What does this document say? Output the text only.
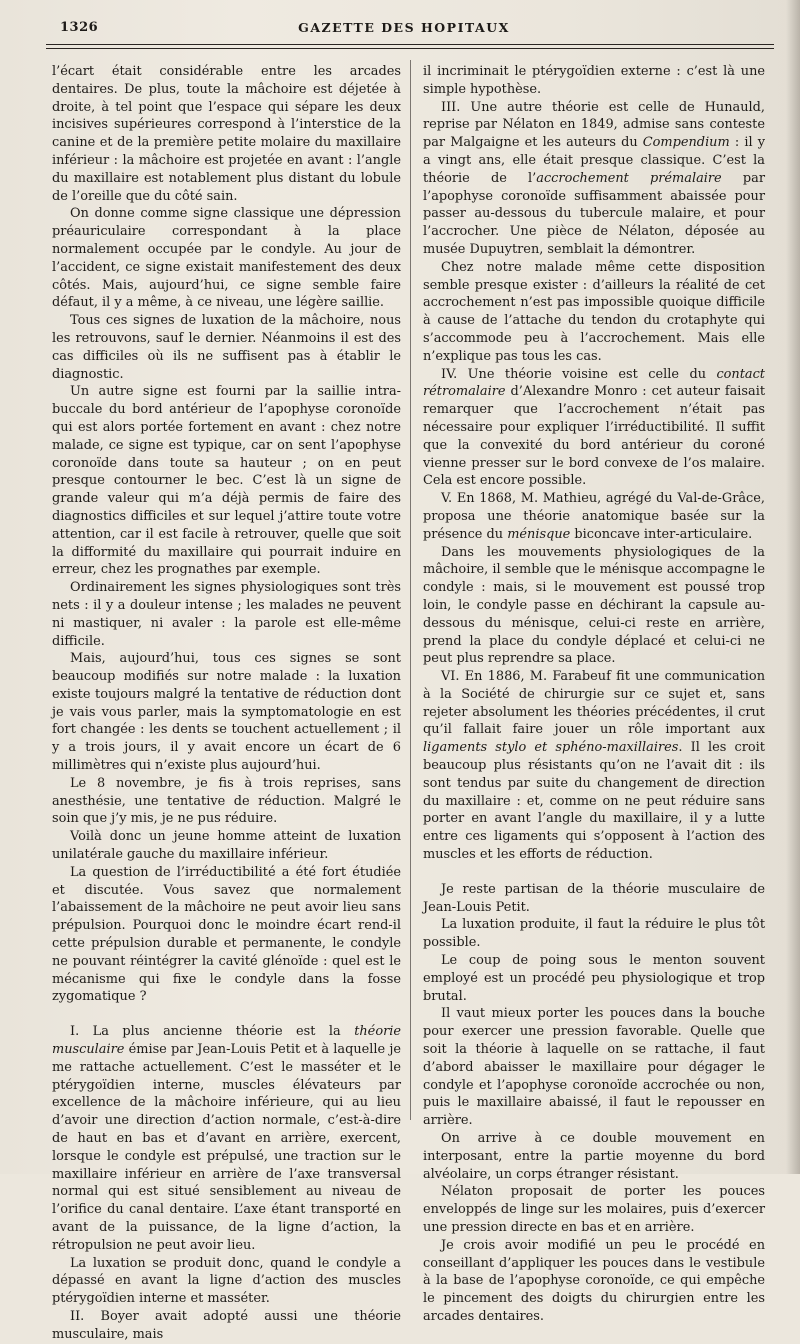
1326	GAZETTE DES HOPITAUX

l’écart était considérable entre les arcades dentaires. De plus, toute la mâchoire est déjetée à droite, à tel point que l’espace qui sépare les deux incisives supérieures correspond à l’interstice de la canine et de la première petite molaire du maxillaire inférieur : la mâchoire est projetée en avant : l’angle du maxillaire est notablement plus distant du lobule de l’oreille que du côté sain.

On donne comme signe classique une dépression préauriculaire correspondant à la place normalement occupée par le condyle. Au jour de l’accident, ce signe existait manifestement des deux côtés. Mais, aujourd’hui, ce signe semble faire défaut, il y a même, à ce niveau, une légère saillie.

Tous ces signes de luxation de la mâchoire, nous les retrouvons, sauf le dernier. Néanmoins il est des cas difficiles où ils ne suffisent pas à établir le diagnostic.

Un autre signe est fourni par la saillie intra-buccale du bord antérieur de l’apophyse coronoïde qui est alors portée fortement en avant : chez notre malade, ce signe est typique, car on sent l’apophyse coronoïde dans toute sa hauteur ; on en peut presque contourner le bec. C’est là un signe de grande valeur qui m’a déjà permis de faire des diagnostics difficiles et sur lequel j’attire toute votre attention, car il est facile à retrouver, quelle que soit la difformité du maxillaire qui pourrait induire en erreur, chez les prognathes par exemple.

Ordinairement les signes physiologiques sont très nets : il y a douleur intense ; les malades ne peuvent ni mastiquer, ni avaler : la parole est elle-même difficile.

Mais, aujourd’hui, tous ces signes se sont beaucoup modifiés sur notre malade : la luxation existe toujours malgré la tentative de réduction dont je vais vous parler, mais la symptomatologie en est fort changée : les dents se touchent actuellement ; il y a trois jours, il y avait encore un écart de 6 millimètres qui n’existe plus aujourd’hui.

Le 8 novembre, je fis à trois reprises, sans anesthésie, une tentative de réduction. Malgré le soin que j’y mis, je ne pus réduire.

Voilà donc un jeune homme atteint de luxation unilatérale gauche du maxillaire inférieur.

La question de l’irréductibilité a été fort étudiée et discutée. Vous savez que normalement l’abaissement de la mâchoire ne peut avoir lieu sans prépulsion. Pourquoi donc le moindre écart rend-il cette prépulsion durable et permanente, le condyle ne pouvant réintégrer la cavité glénoïde : quel est le mécanisme qui fixe le condyle dans la fosse zygomatique ?

I. La plus ancienne théorie est la théorie musculaire émise par Jean-Louis Petit et à laquelle je me rattache actuellement. C’est le masséter et le ptérygoïdien interne, muscles élévateurs par excellence de la mâchoire inférieure, qui au lieu d’avoir une direction d’action normale, c’est-à-dire de haut en bas et d’avant en arrière, exercent, lorsque le condyle est prépulsé, une traction sur le maxillaire inférieur en arrière de l’axe transversal normal qui est situé sensiblement au niveau de l’orifice du canal dentaire. L’axe étant transporté en avant de la puissance, de la ligne d’action, la rétropulsion ne peut avoir lieu.

La luxation se produit donc, quand le condyle a dépassé en avant la ligne d’action des muscles ptérygoïdien interne et masséter.

II. Boyer avait adopté aussi une théorie musculaire, mais

il incriminait le ptérygoïdien externe : c’est là une simple hypothèse.

III. Une autre théorie est celle de Hunauld, reprise par Nélaton en 1849, admise sans conteste par Malgaigne et les auteurs du Compendium : il y a vingt ans, elle était presque classique. C’est la théorie de l’accrochement prémalaire par l’apophyse coronoïde suffisamment abaissée pour passer au-dessous du tubercule malaire, et pour l’accrocher. Une pièce de Nélaton, déposée au musée Dupuytren, semblait la démontrer.

Chez notre malade même cette disposition semble presque exister : d’ailleurs la réalité de cet accrochement n’est pas impossible quoique difficile à cause de l’attache du tendon du crotaphyte qui s’accommode peu à l’accrochement. Mais elle n’explique pas tous les cas.

IV. Une théorie voisine est celle du contact rétromalaire d’Alexandre Monro : cet auteur faisait remarquer que l’accrochement n’était pas nécessaire pour expliquer l’irréductibilité. Il suffit que la convexité du bord antérieur du coroné vienne presser sur le bord convexe de l’os malaire. Cela est encore possible.

V. En 1868, M. Mathieu, agrégé du Val-de-Grâce, proposa une théorie anatomique basée sur la présence du ménisque biconcave inter-articulaire.

Dans les mouvements physiologiques de la mâchoire, il semble que le ménisque accompagne le condyle : mais, si le mouvement est poussé trop loin, le condyle passe en déchirant la capsule au-dessous du ménisque, celui-ci reste en arrière, prend la place du condyle déplacé et celui-ci ne peut plus reprendre sa place.

VI. En 1886, M. Farabeuf fit une communication à la Société de chirurgie sur ce sujet et, sans rejeter absolument les théories précédentes, il crut qu’il fallait faire jouer un rôle important aux ligaments stylo et sphéno-maxillaires. Il les croit beaucoup plus résistants qu’on ne l’avait dit : ils sont tendus par suite du changement de direction du maxillaire : et, comme on ne peut réduire sans porter en avant l’angle du maxillaire, il y a lutte entre ces ligaments qui s’opposent à l’action des muscles et les efforts de réduction.

Je reste partisan de la théorie musculaire de Jean-Louis Petit.

La luxation produite, il faut la réduire le plus tôt possible.

Le coup de poing sous le menton souvent employé est un procédé peu physiologique et trop brutal.

Il vaut mieux porter les pouces dans la bouche pour exercer une pression favorable. Quelle que soit la théorie à laquelle on se rattache, il faut d’abord abaisser le maxillaire pour dégager le condyle et l’apophyse coronoïde accrochée ou non, puis le maxillaire abaissé, il faut le repousser en arrière.

On arrive à ce double mouvement en interposant, entre la partie moyenne du bord alvéolaire, un corps étranger résistant.

Nélaton proposait de porter les pouces enveloppés de linge sur les molaires, puis d’exercer une pression directe en bas et en arrière.

Je crois avoir modifié un peu le procédé en conseillant d’appliquer les pouces dans le vestibule à la base de l’apophyse coronoïde, ce qui empêche le pincement des doigts du chirurgien entre les arcades dentaires.
